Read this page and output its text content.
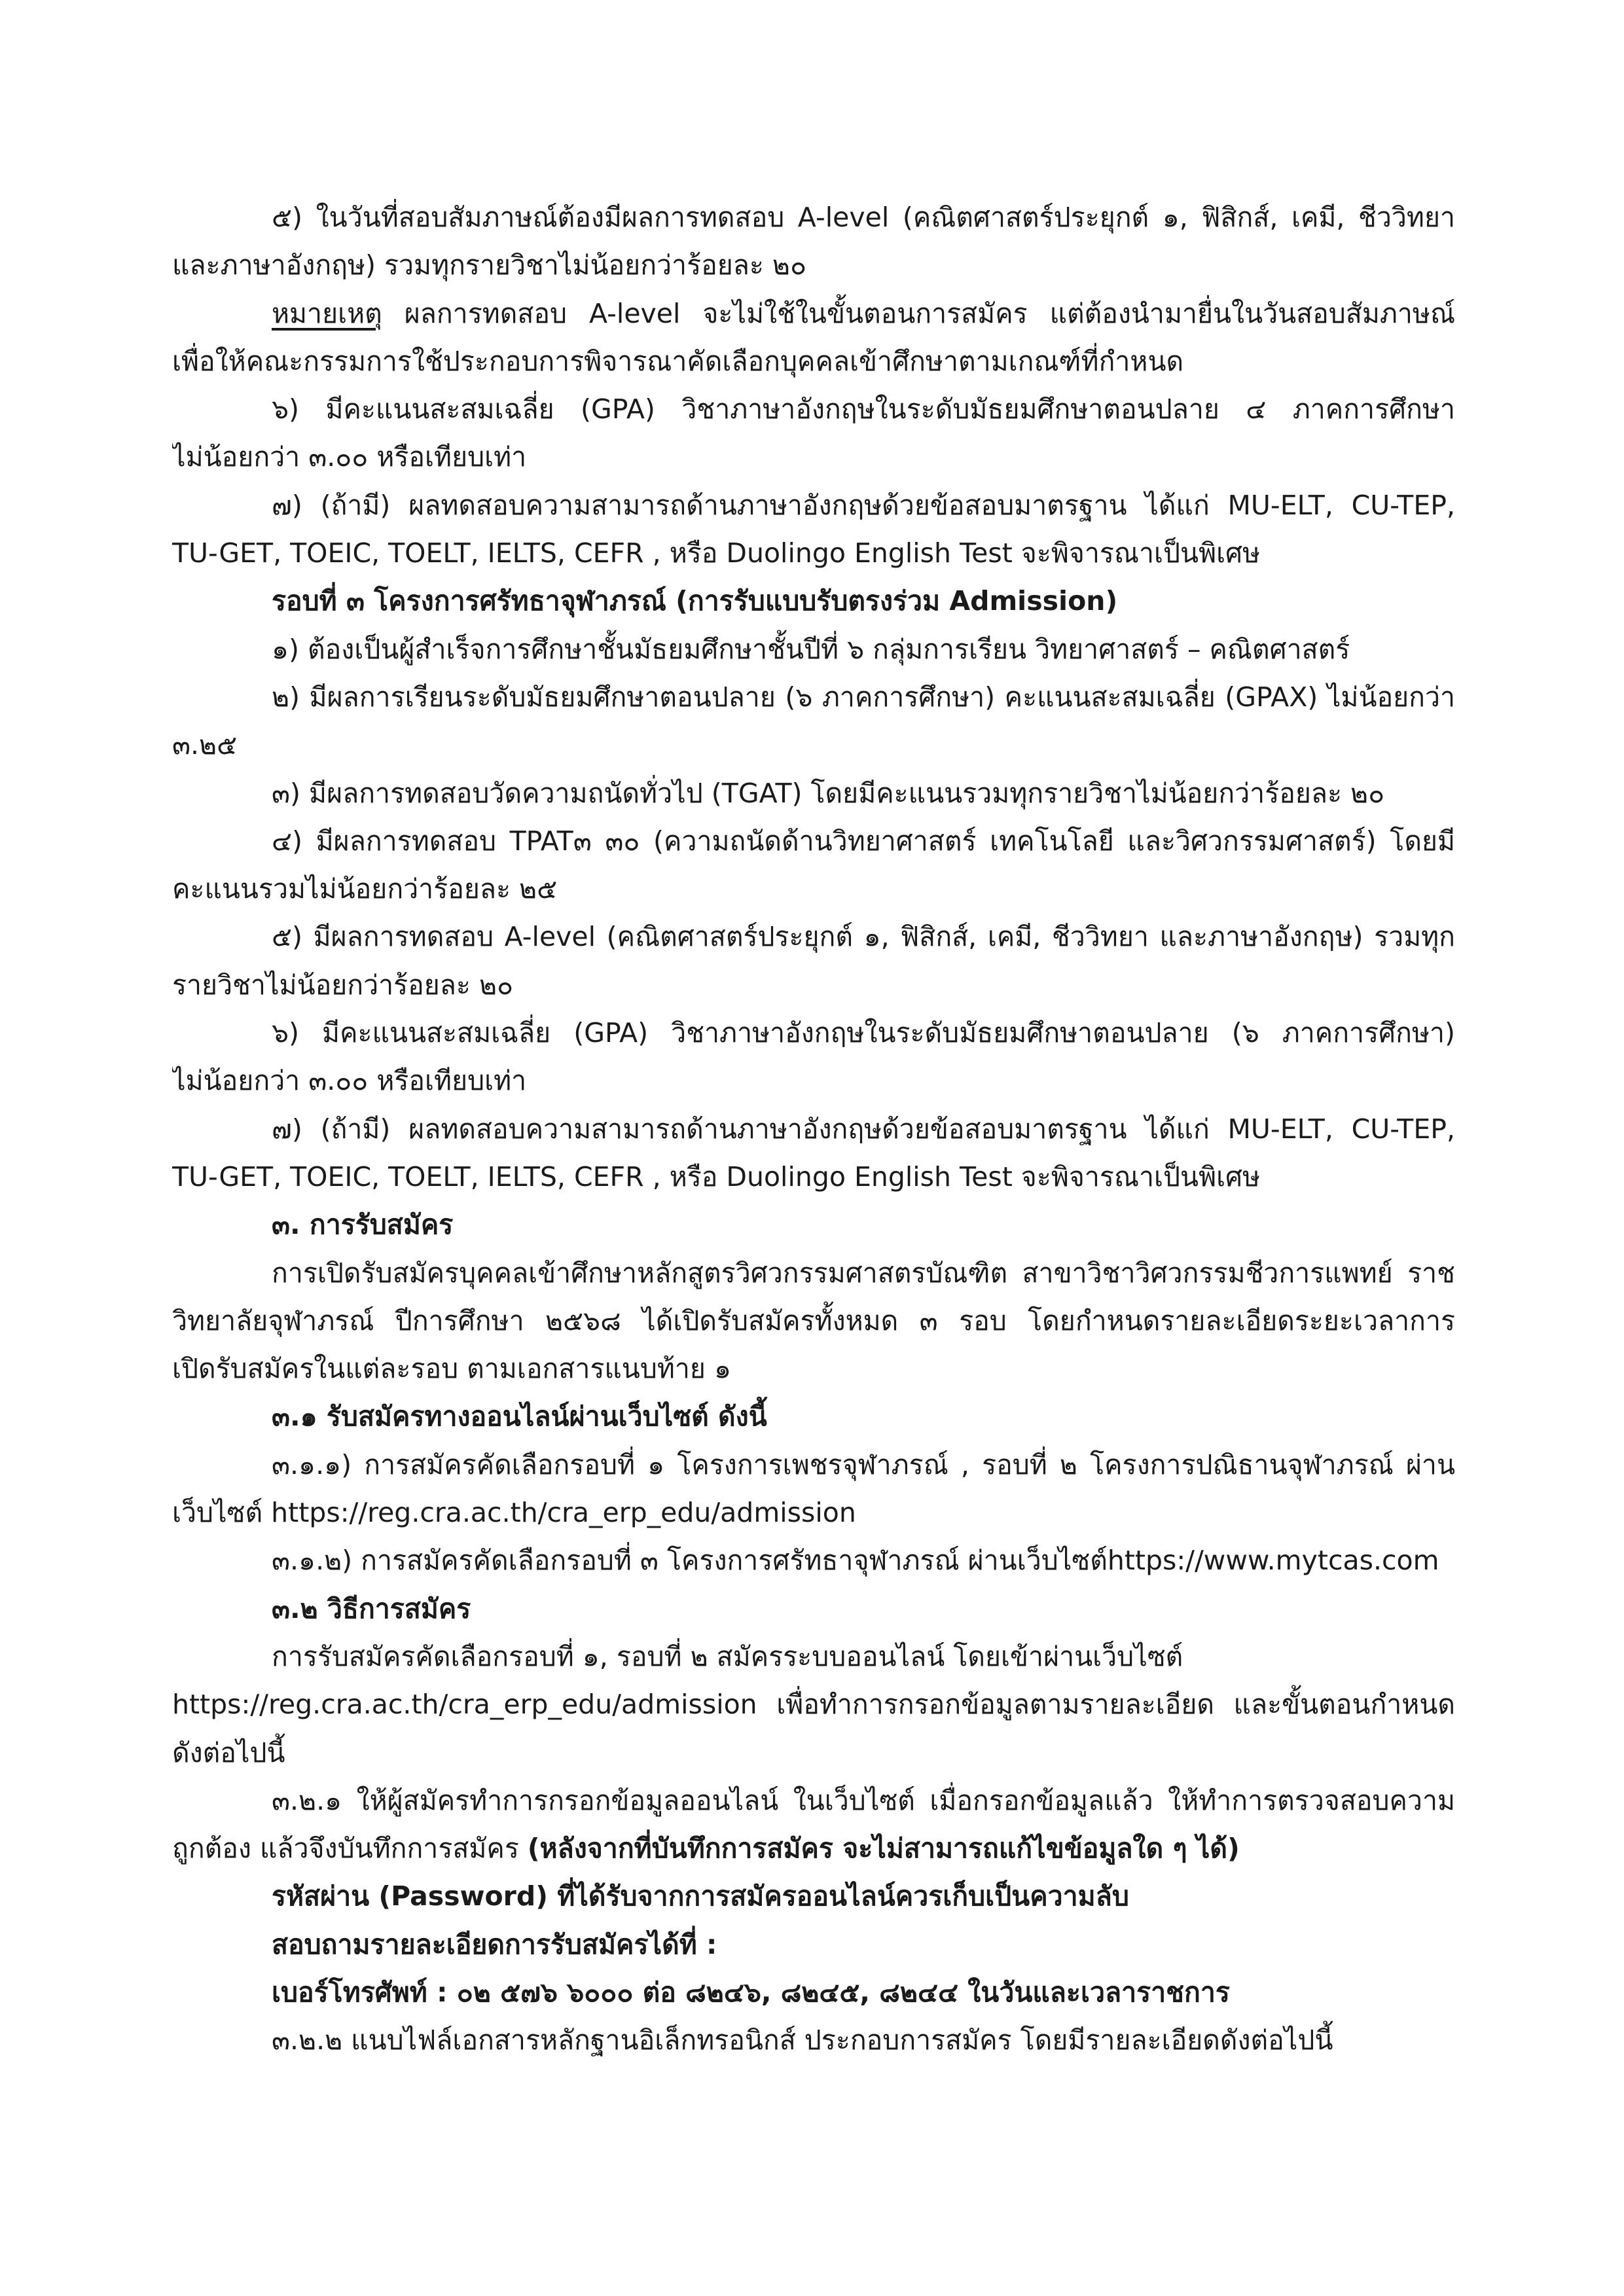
๕) ในวันที่สอบสัมภาษณ์ต้องมีผลการทดสอบ A-level (คณิตศาสตร์ประยุกต์ ๑, ฟิสิกส์, เคมี, ชีววิทยา
และภาษาอังกฤษ) รวมทุกรายวิชาไม่น้อยกว่าร้อยละ ๒๐
หมายเหตุ ผลการทดสอบ A-level จะไม่ใช้ในขั้นตอนการสมัคร แต่ต้องนำมายื่นในวันสอบสัมภาษณ์
เพื่อให้คณะกรรมการใช้ประกอบการพิจารณาคัดเลือกบุคคลเข้าศึกษาตามเกณฑ์ที่กำหนด
๖) มีคะแนนสะสมเฉลี่ย (GPA) วิชาภาษาอังกฤษในระดับมัธยมศึกษาตอนปลาย ๔ ภาคการศึกษา
ไม่น้อยกว่า ๓.๐๐ หรือเทียบเท่า
๗) (ถ้ามี) ผลทดสอบความสามารถด้านภาษาอังกฤษด้วยข้อสอบมาตรฐาน ได้แก่ MU-ELT, CU-TEP,
TU-GET, TOEIC, TOELT, IELTS, CEFR , หรือ Duolingo English Test จะพิจารณาเป็นพิเศษ
รอบที่ ๓ โครงการศรัทธาจุฬาภรณ์ (การรับแบบรับตรงร่วม Admission)
๑) ต้องเป็นผู้สำเร็จการศึกษาชั้นมัธยมศึกษาชั้นปีที่ ๖ กลุ่มการเรียน วิทยาศาสตร์ – คณิตศาสตร์
๒) มีผลการเรียนระดับมัธยมศึกษาตอนปลาย (๖ ภาคการศึกษา) คะแนนสะสมเฉลี่ย (GPAX) ไม่น้อยกว่า
๓.๒๕
๓) มีผลการทดสอบวัดความถนัดทั่วไป (TGAT) โดยมีคะแนนรวมทุกรายวิชาไม่น้อยกว่าร้อยละ ๒๐
๔) มีผลการทดสอบ TPAT๓ ๓๐ (ความถนัดด้านวิทยาศาสตร์ เทคโนโลยี และวิศวกรรมศาสตร์) โดยมี
คะแนนรวมไม่น้อยกว่าร้อยละ ๒๕
๕) มีผลการทดสอบ A-level (คณิตศาสตร์ประยุกต์ ๑, ฟิสิกส์, เคมี, ชีววิทยา และภาษาอังกฤษ) รวมทุก
รายวิชาไม่น้อยกว่าร้อยละ ๒๐
๖) มีคะแนนสะสมเฉลี่ย (GPA) วิชาภาษาอังกฤษในระดับมัธยมศึกษาตอนปลาย (๖ ภาคการศึกษา)
ไม่น้อยกว่า ๓.๐๐ หรือเทียบเท่า
๗) (ถ้ามี) ผลทดสอบความสามารถด้านภาษาอังกฤษด้วยข้อสอบมาตรฐาน ได้แก่ MU-ELT, CU-TEP,
TU-GET, TOEIC, TOELT, IELTS, CEFR , หรือ Duolingo English Test จะพิจารณาเป็นพิเศษ
๓. การรับสมัคร
การเปิดรับสมัครบุคคลเข้าศึกษาหลักสูตรวิศวกรรมศาสตรบัณฑิต สาขาวิชาวิศวกรรมชีวการแพทย์ ราช
วิทยาลัยจุฬาภรณ์ ปีการศึกษา ๒๕๖๘ ได้เปิดรับสมัครทั้งหมด ๓ รอบ โดยกำหนดรายละเอียดระยะเวลาการ
เปิดรับสมัครในแต่ละรอบ ตามเอกสารแนบท้าย ๑
๓.๑ รับสมัครทางออนไลน์ผ่านเว็บไซต์ ดังนี้
๓.๑.๑) การสมัครคัดเลือกรอบที่ ๑ โครงการเพชรจุฬาภรณ์ , รอบที่ ๒ โครงการปณิธานจุฬาภรณ์ ผ่าน
เว็บไซต์ https://reg.cra.ac.th/cra_erp_edu/admission
๓.๑.๒) การสมัครคัดเลือกรอบที่ ๓ โครงการศรัทธาจุฬาภรณ์ ผ่านเว็บไซต์https://www.mytcas.com
๓.๒ วิธีการสมัคร
การรับสมัครคัดเลือกรอบที่ ๑, รอบที่ ๒ สมัครระบบออนไลน์ โดยเข้าผ่านเว็บไซต์
https://reg.cra.ac.th/cra_erp_edu/admission เพื่อทำการกรอกข้อมูลตามรายละเอียด และขั้นตอนกำหนด
ดังต่อไปนี้
๓.๒.๑ ให้ผู้สมัครทำการกรอกข้อมูลออนไลน์ ในเว็บไซต์ เมื่อกรอกข้อมูลแล้ว ให้ทำการตรวจสอบความ
ถูกต้อง แล้วจึงบันทึกการสมัคร (หลังจากที่บันทึกการสมัคร จะไม่สามารถแก้ไขข้อมูลใด ๆ ได้)
รหัสผ่าน (Password) ที่ได้รับจากการสมัครออนไลน์ควรเก็บเป็นความลับ
สอบถามรายละเอียดการรับสมัครได้ที่ :
เบอร์โทรศัพท์ : ๐๒ ๕๗๖ ๖๐๐๐ ต่อ ๘๒๔๖, ๘๒๔๕, ๘๒๔๔ ในวันและเวลาราชการ
๓.๒.๒ แนบไฟล์เอกสารหลักฐานอิเล็กทรอนิกส์ ประกอบการสมัคร โดยมีรายละเอียดดังต่อไปนี้
